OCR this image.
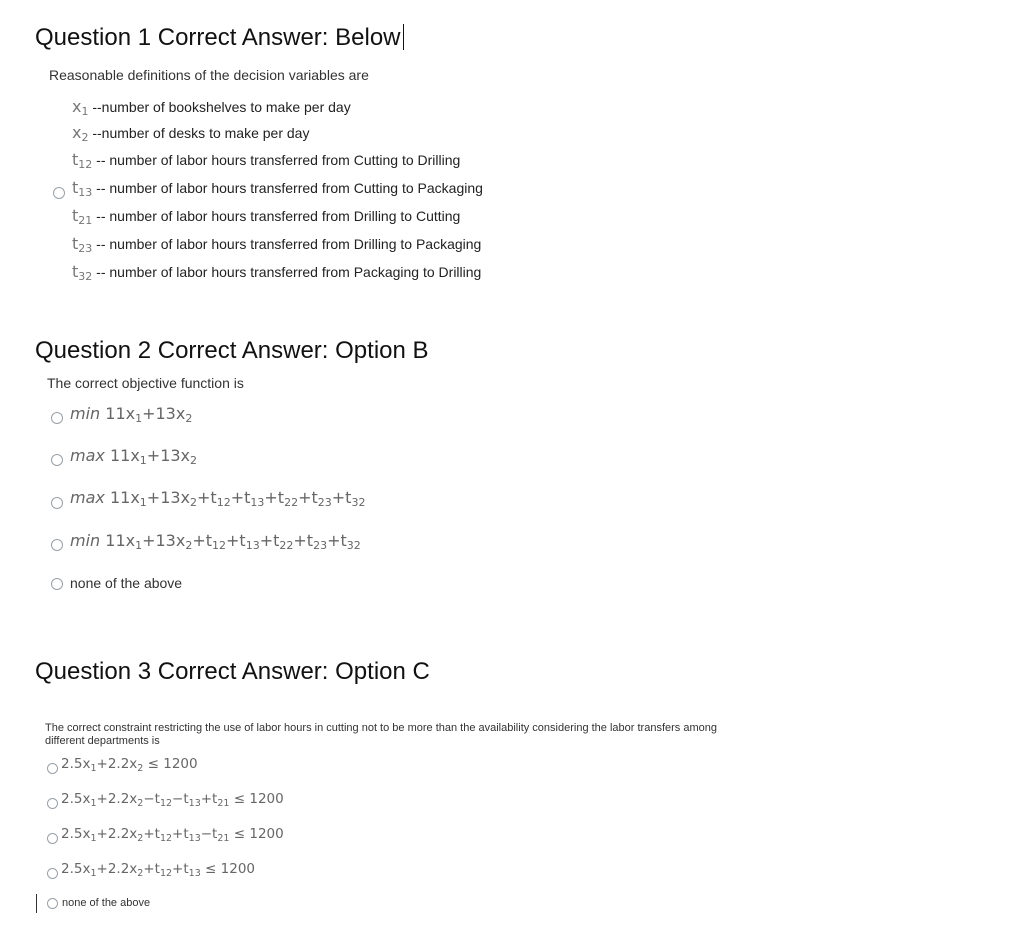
Question 1 Correct Answer: Below
Reasonable definitions of the decision variables are
$x_1$ --number of bookshelves to make per day
$x_2$ --number of desks to make per day
$t_{12}$ -- number of labor hours transferred from Cutting to Drilling
$t_{13}$ -- number of labor hours transferred from Cutting to Packaging
$t_{21}$ -- number of labor hours transferred from Drilling to Cutting
$t_{23}$ -- number of labor hours transferred from Drilling to Packaging
$t_{32}$ -- number of labor hours transferred from Packaging to Drilling
Question 2 Correct Answer: Option B
The correct objective function is
$\min 11x_1+13x_2$
$\max 11x_1+13x_2$
$\max 11x_1+13x_2+t_{12}+t_{13}+t_{22}+t_{23}+t_{32}$
$\min 11x_1+13x_2+t_{12}+t_{13}+t_{22}+t_{23}+t_{32}$
none of the above
Question 3 Correct Answer: Option C
The correct constraint restricting the use of labor hours in cutting not to be more than the availability considering the labor transfers among
different departments is
$2.5x_1+2.2x_2 \le 1200$
$2.5x_1+2.2x_2-t_{12}-t_{13}+t_{21} \le 1200$
$2.5x_1+2.2x_2+t_{12}+t_{13}-t_{21} \le 1200$
$2.5x_1+2.2x_2+t_{12}+t_{13} \le 1200$
none of the above
